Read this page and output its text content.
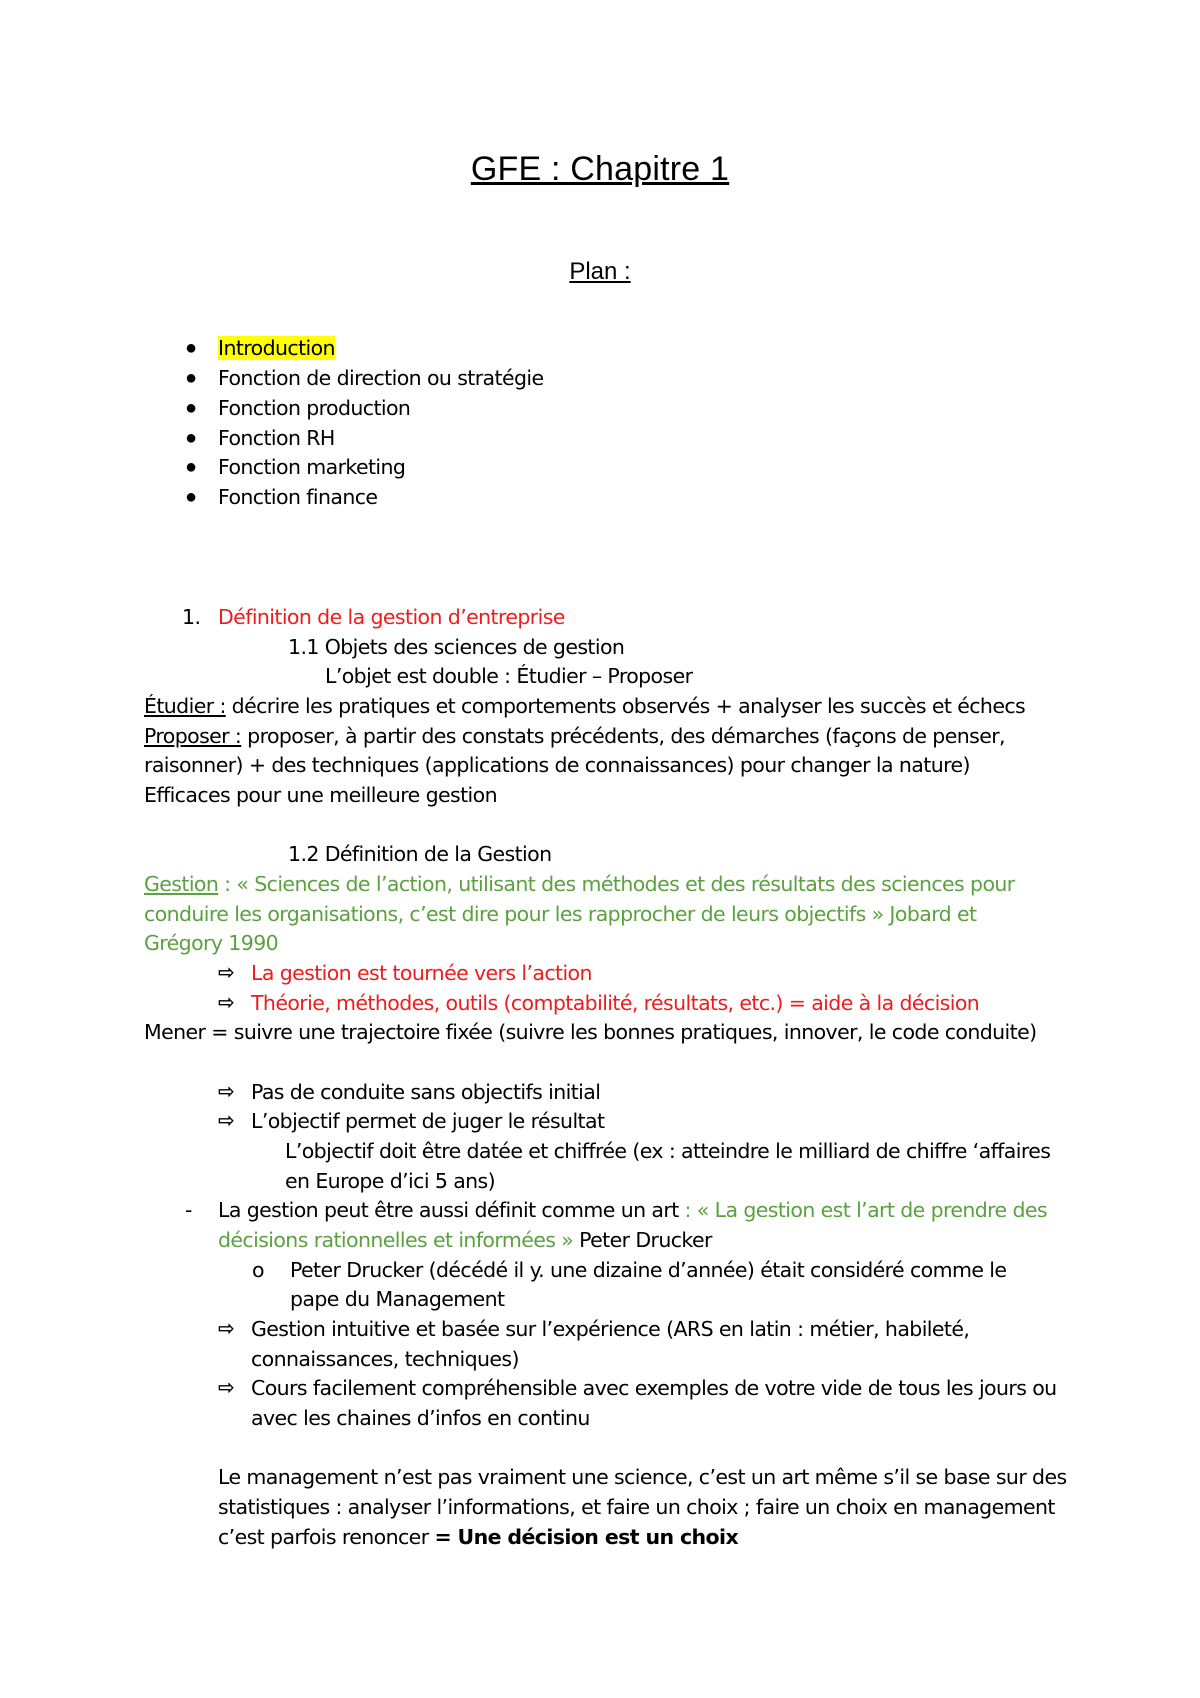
GFE : Chapitre 1
Plan :
● Introduction
● Fonction de direction ou stratégie
● Fonction production
● Fonction RH
● Fonction marketing
● Fonction finance
1. Définition de la gestion d’entreprise
1.1 Objets des sciences de gestion
L’objet est double : Étudier – Proposer
Étudier : décrire les pratiques et comportements observés + analyser les succès et échecs
Proposer : proposer, à partir des constats précédents, des démarches (façons de penser,
raisonner) + des techniques (applications de connaissances) pour changer la nature)
Efficaces pour une meilleure gestion
1.2 Définition de la Gestion
Gestion : « Sciences de l’action, utilisant des méthodes et des résultats des sciences pour
conduire les organisations, c’est dire pour les rapprocher de leurs objectifs » Jobard et
Grégory 1990
⇨ La gestion est tournée vers l’action
⇨ Théorie, méthodes, outils (comptabilité, résultats, etc.) = aide à la décision
Mener = suivre une trajectoire fixée (suivre les bonnes pratiques, innover, le code conduite)
⇨ Pas de conduite sans objectifs initial
⇨ L’objectif permet de juger le résultat
L’objectif doit être datée et chiffrée (ex : atteindre le milliard de chiffre ‘affaires
en Europe d’ici 5 ans)
- La gestion peut être aussi définit comme un art : « La gestion est l’art de prendre des
décisions rationnelles et informées » Peter Drucker
o Peter Drucker (décédé il y. une dizaine d’année) était considéré comme le
pape du Management
⇨ Gestion intuitive et basée sur l’expérience (ARS en latin : métier, habileté,
connaissances, techniques)
⇨ Cours facilement compréhensible avec exemples de votre vide de tous les jours ou
avec les chaines d’infos en continu
Le management n’est pas vraiment une science, c’est un art même s’il se base sur des
statistiques : analyser l’informations, et faire un choix ; faire un choix en management
c’est parfois renoncer = Une décision est un choix
